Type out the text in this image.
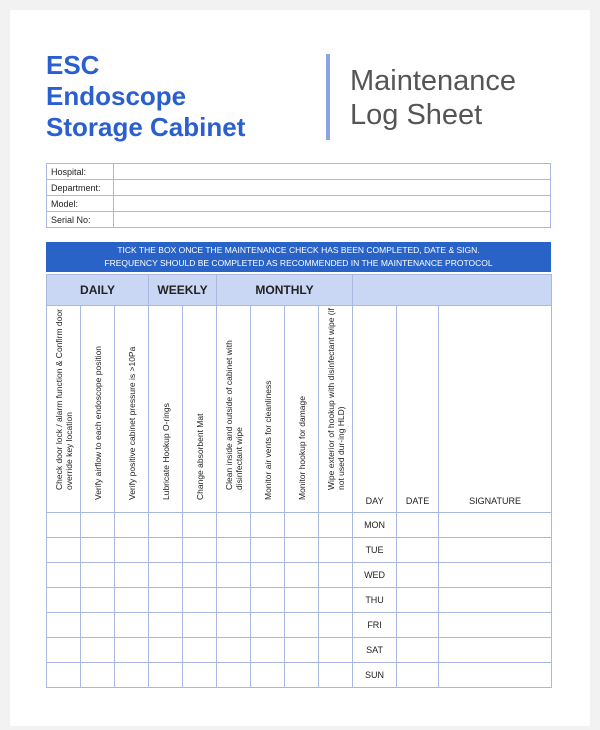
ESC
Endoscope
Storage Cabinet
Maintenance
Log Sheet
Hospital:	
Department:	
Model:	
Serial No:	
TICK THE BOX ONCE THE MAINTENANCE CHECK HAS BEEN COMPLETED, DATE & SIGN.
FREQUENCY SHOULD BE COMPLETED AS RECOMMENDED IN THE MAINTENANCE PROTOCOL
DAILY			WEEKLY		MONTHLY						

Check door lock / alarm function & Confirm door override key location	Verify airflow to each endoscope position	Verify positive cabinet pressure is >10Pa	Lubricate Hookup O-rings	Change absorbent Mat	Clean inside and outside of cabinet with disinfectant wipe	Monitor air vents for cleanliness	Monitor hookup for damage	Wipe exterior of hookup with disinfectant wipe (if not used dur-ing HLD)	DAY	DATE	SIGNATURE
									MON		
									TUE		
									WED		
									THU		
									FRI		
									SAT		
									SUN		
